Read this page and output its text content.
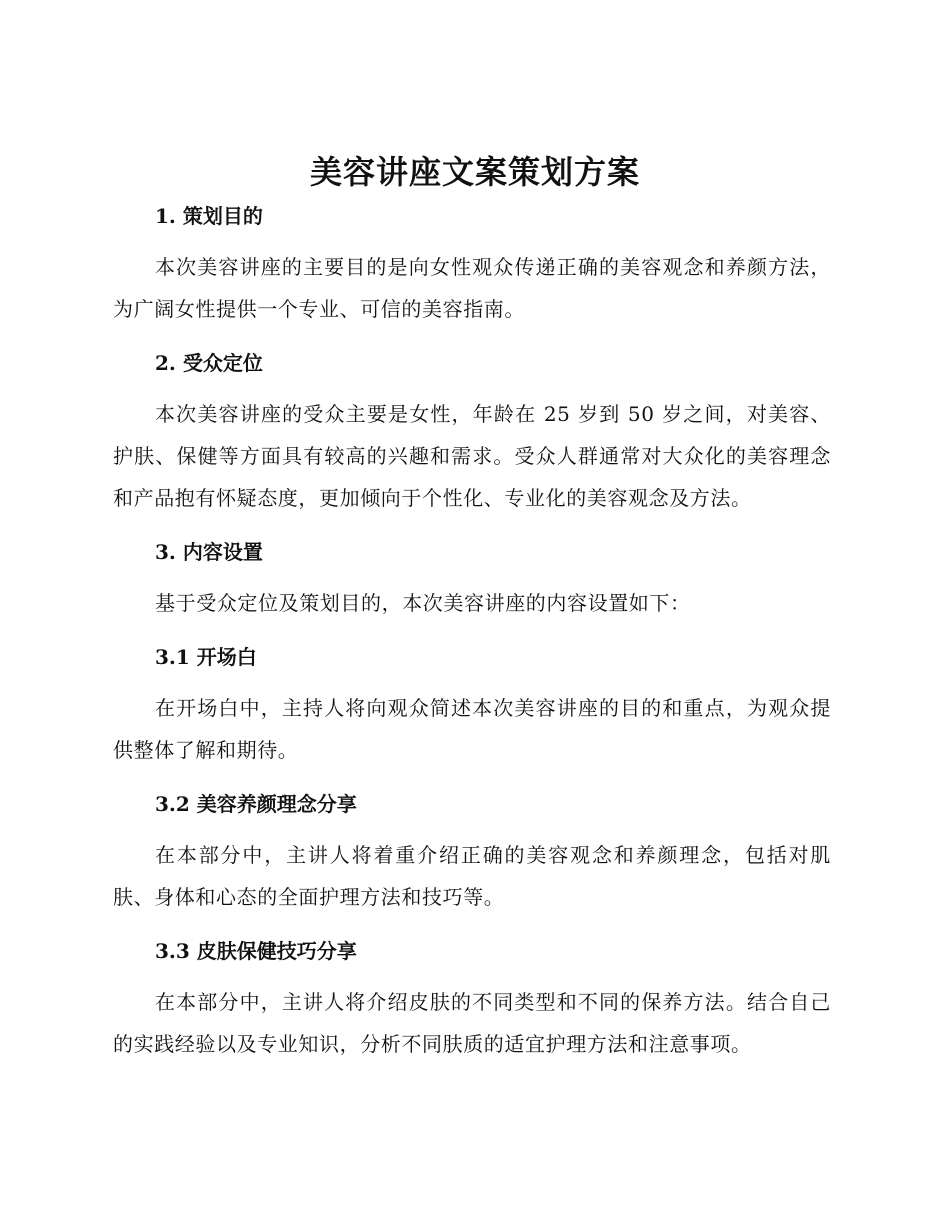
美容讲座文案策划方案

1. 策划目的

本次美容讲座的主要目的是向女性观众传递正确的美容观念和养颜方法，为广阔女性提供一个专业、可信的美容指南。

2. 受众定位

本次美容讲座的受众主要是女性，年龄在 25 岁到 50 岁之间，对美容、护肤、保健等方面具有较高的兴趣和需求。受众人群通常对大众化的美容理念和产品抱有怀疑态度，更加倾向于个性化、专业化的美容观念及方法。

3. 内容设置

基于受众定位及策划目的，本次美容讲座的内容设置如下：

3.1 开场白

在开场白中，主持人将向观众简述本次美容讲座的目的和重点，为观众提供整体了解和期待。

3.2 美容养颜理念分享

在本部分中，主讲人将着重介绍正确的美容观念和养颜理念，包括对肌肤、身体和心态的全面护理方法和技巧等。

3.3 皮肤保健技巧分享

在本部分中，主讲人将介绍皮肤的不同类型和不同的保养方法。结合自己的实践经验以及专业知识，分析不同肤质的适宜护理方法和注意事项。
